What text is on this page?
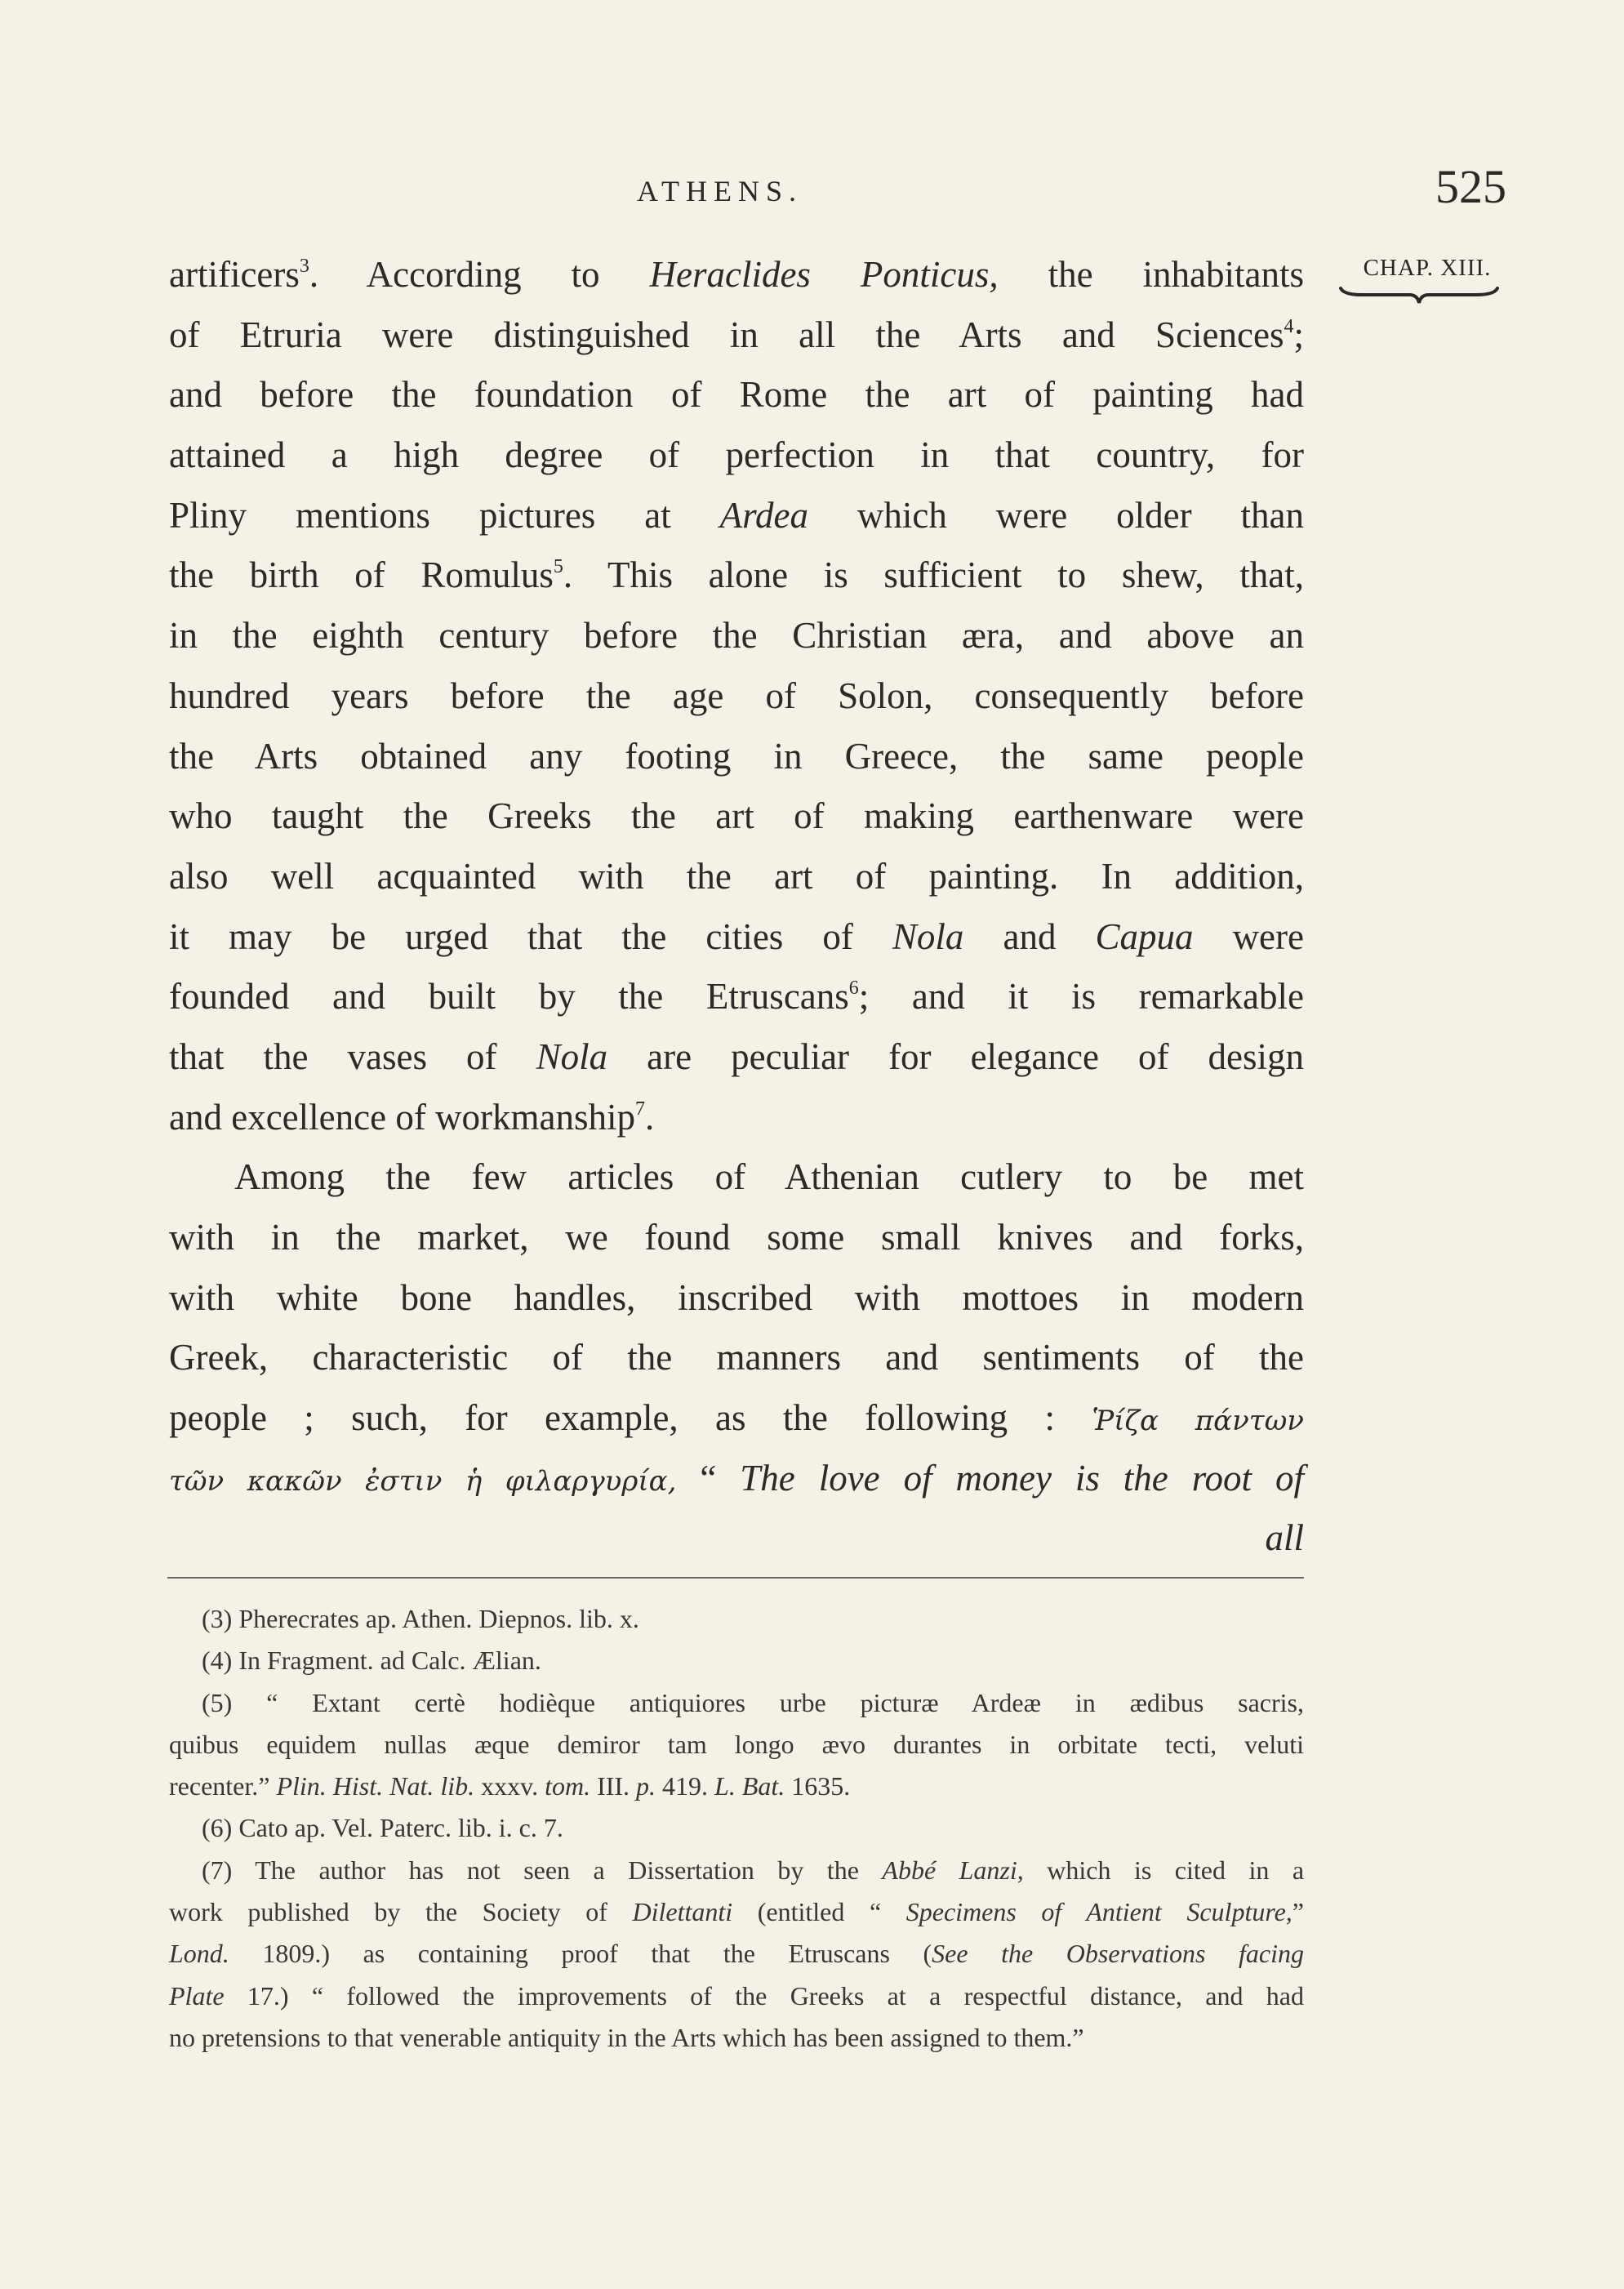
ATHENS.	525
CHAP. XIII.
artificers$^3$. According to Heraclides Ponticus, the inhabitants
of Etruria were distinguished in all the Arts and Sciences$^4$;
and before the foundation of Rome the art of painting had
attained a high degree of perfection in that country, for
Pliny mentions pictures at Ardea which were older than
the birth of Romulus$^5$. This alone is sufficient to shew, that,
in the eighth century before the Christian æra, and above an
hundred years before the age of Solon, consequently before
the Arts obtained any footing in Greece, the same people
who taught the Greeks the art of making earthenware were
also well acquainted with the art of painting. In addition,
it may be urged that the cities of Nola and Capua were
founded and built by the Etruscans$^6$; and it is remarkable
that the vases of Nola are peculiar for elegance of design
and excellence of workmanship$^7$.
Among the few articles of Athenian cutlery to be met
with in the market, we found some small knives and forks,
with white bone handles, inscribed with mottoes in modern
Greek, characteristic of the manners and sentiments of the
people ; such, for example, as the following : Ῥίζα πάντων
τῶν κακῶν ἐστιν ἡ φιλαργυρία, “ The love of money is the root of
all
(3) Pherecrates ap. Athen. Diepnos. lib. x.
(4) In Fragment. ad Calc. Ælian.
(5) “ Extant certè hodièque antiquiores urbe picturæ Ardeæ in ædibus sacris,
quibus equidem nullas æque demiror tam longo ævo durantes in orbitate tecti, veluti
recenter.” Plin. Hist. Nat. lib. xxxv. tom. III. p. 419. L. Bat. 1635.
(6) Cato ap. Vel. Paterc. lib. i. c. 7.
(7) The author has not seen a Dissertation by the Abbé Lanzi, which is cited in a
work published by the Society of Dilettanti (entitled “ Specimens of Antient Sculpture,”
Lond. 1809.) as containing proof that the Etruscans (See the Observations facing
Plate 17.) “ followed the improvements of the Greeks at a respectful distance, and had
no pretensions to that venerable antiquity in the Arts which has been assigned to them.”
